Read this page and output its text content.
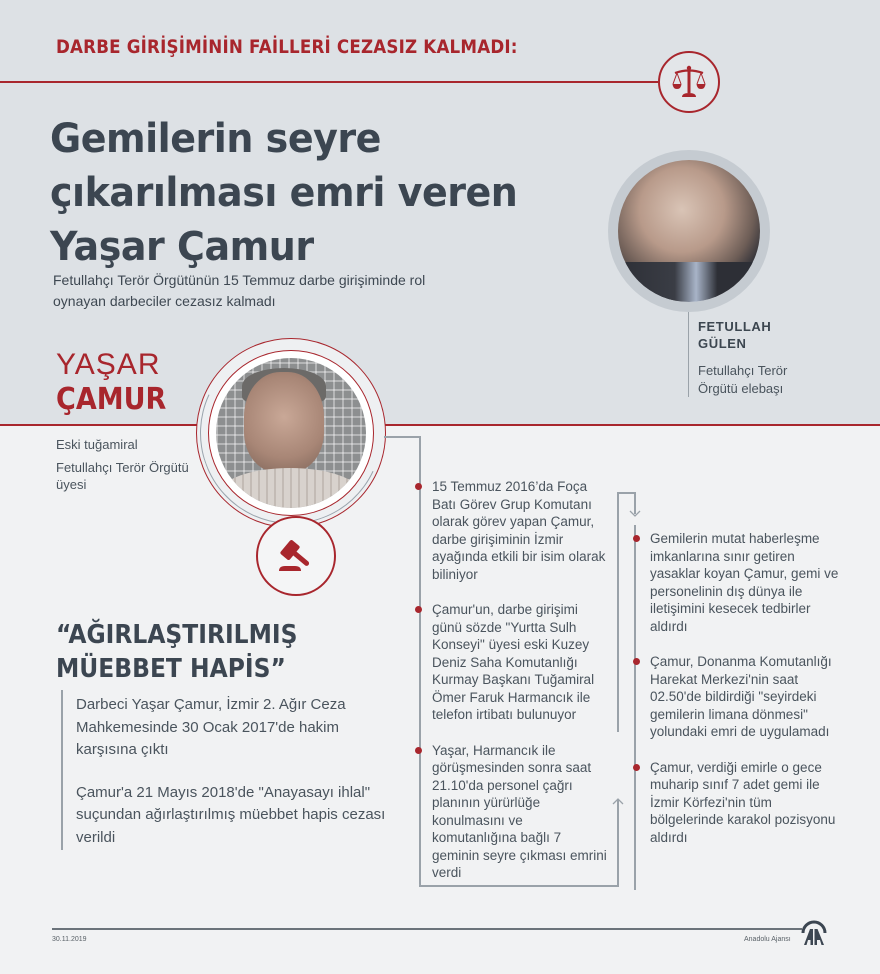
DARBE GİRİŞİMİNİN FAİLLERİ CEZASIZ KALMADI:
Gemilerin seyre
çıkarılması emri veren
Yaşar Çamur
Fetullahçı Terör Örgütünün 15 Temmuz darbe girişiminde rol oynayan darbeciler cezasız kalmadı
FETULLAH
GÜLEN
Fetullahçı Terör
Örgütü elebaşı
YAŞAR
ÇAMUR

Eski tuğamiral

Fetullahçı Terör Örgütü üyesi

“AĞIRLAŞTIRILMIŞ
MÜEBBET HAPİS”

Darbeci Yaşar Çamur, İzmir 2. Ağır Ceza Mahkemesinde 30 Ocak 2017'de hakim karşısına çıktı

Çamur'a 21 Mayıs 2018'de "Anayasayı ihlal" suçundan ağırlaştırılmış müebbet hapis cezası verildi

15 Temmuz 2016’da Foça Batı Görev Grup Komutanı olarak görev yapan Çamur, darbe girişiminin İzmir ayağında etkili bir isim olarak biliniyor
Çamur'un, darbe girişimi günü sözde "Yurtta Sulh Konseyi" üyesi eski Kuzey Deniz Saha Komutanlığı Kurmay Başkanı Tuğamiral Ömer Faruk Harmancık ile telefon irtibatı bulunuyor
Yaşar, Harmancık ile görüşmesinden sonra saat 21.10'da personel çağrı planının yürürlüğe konulmasını ve komutanlığına bağlı 7 geminin seyre çıkması emrini verdi
Gemilerin mutat haberleşme imkanlarına sınır getiren yasaklar koyan Çamur, gemi ve personelinin dış dünya ile iletişimini kesecek tedbirler aldırdı
Çamur, Donanma Komutanlığı Harekat Merkezi'nin saat 02.50'de bildirdiği "seyirdeki gemilerin limana dönmesi" yolundaki emri de uygulamadı
Çamur, verdiği emirle o gece muharip sınıf 7 adet gemi ile İzmir Körfezi'nin tüm bölgelerinde karakol pozisyonu aldırdı
30.11.2019	Anadolu Ajansı
